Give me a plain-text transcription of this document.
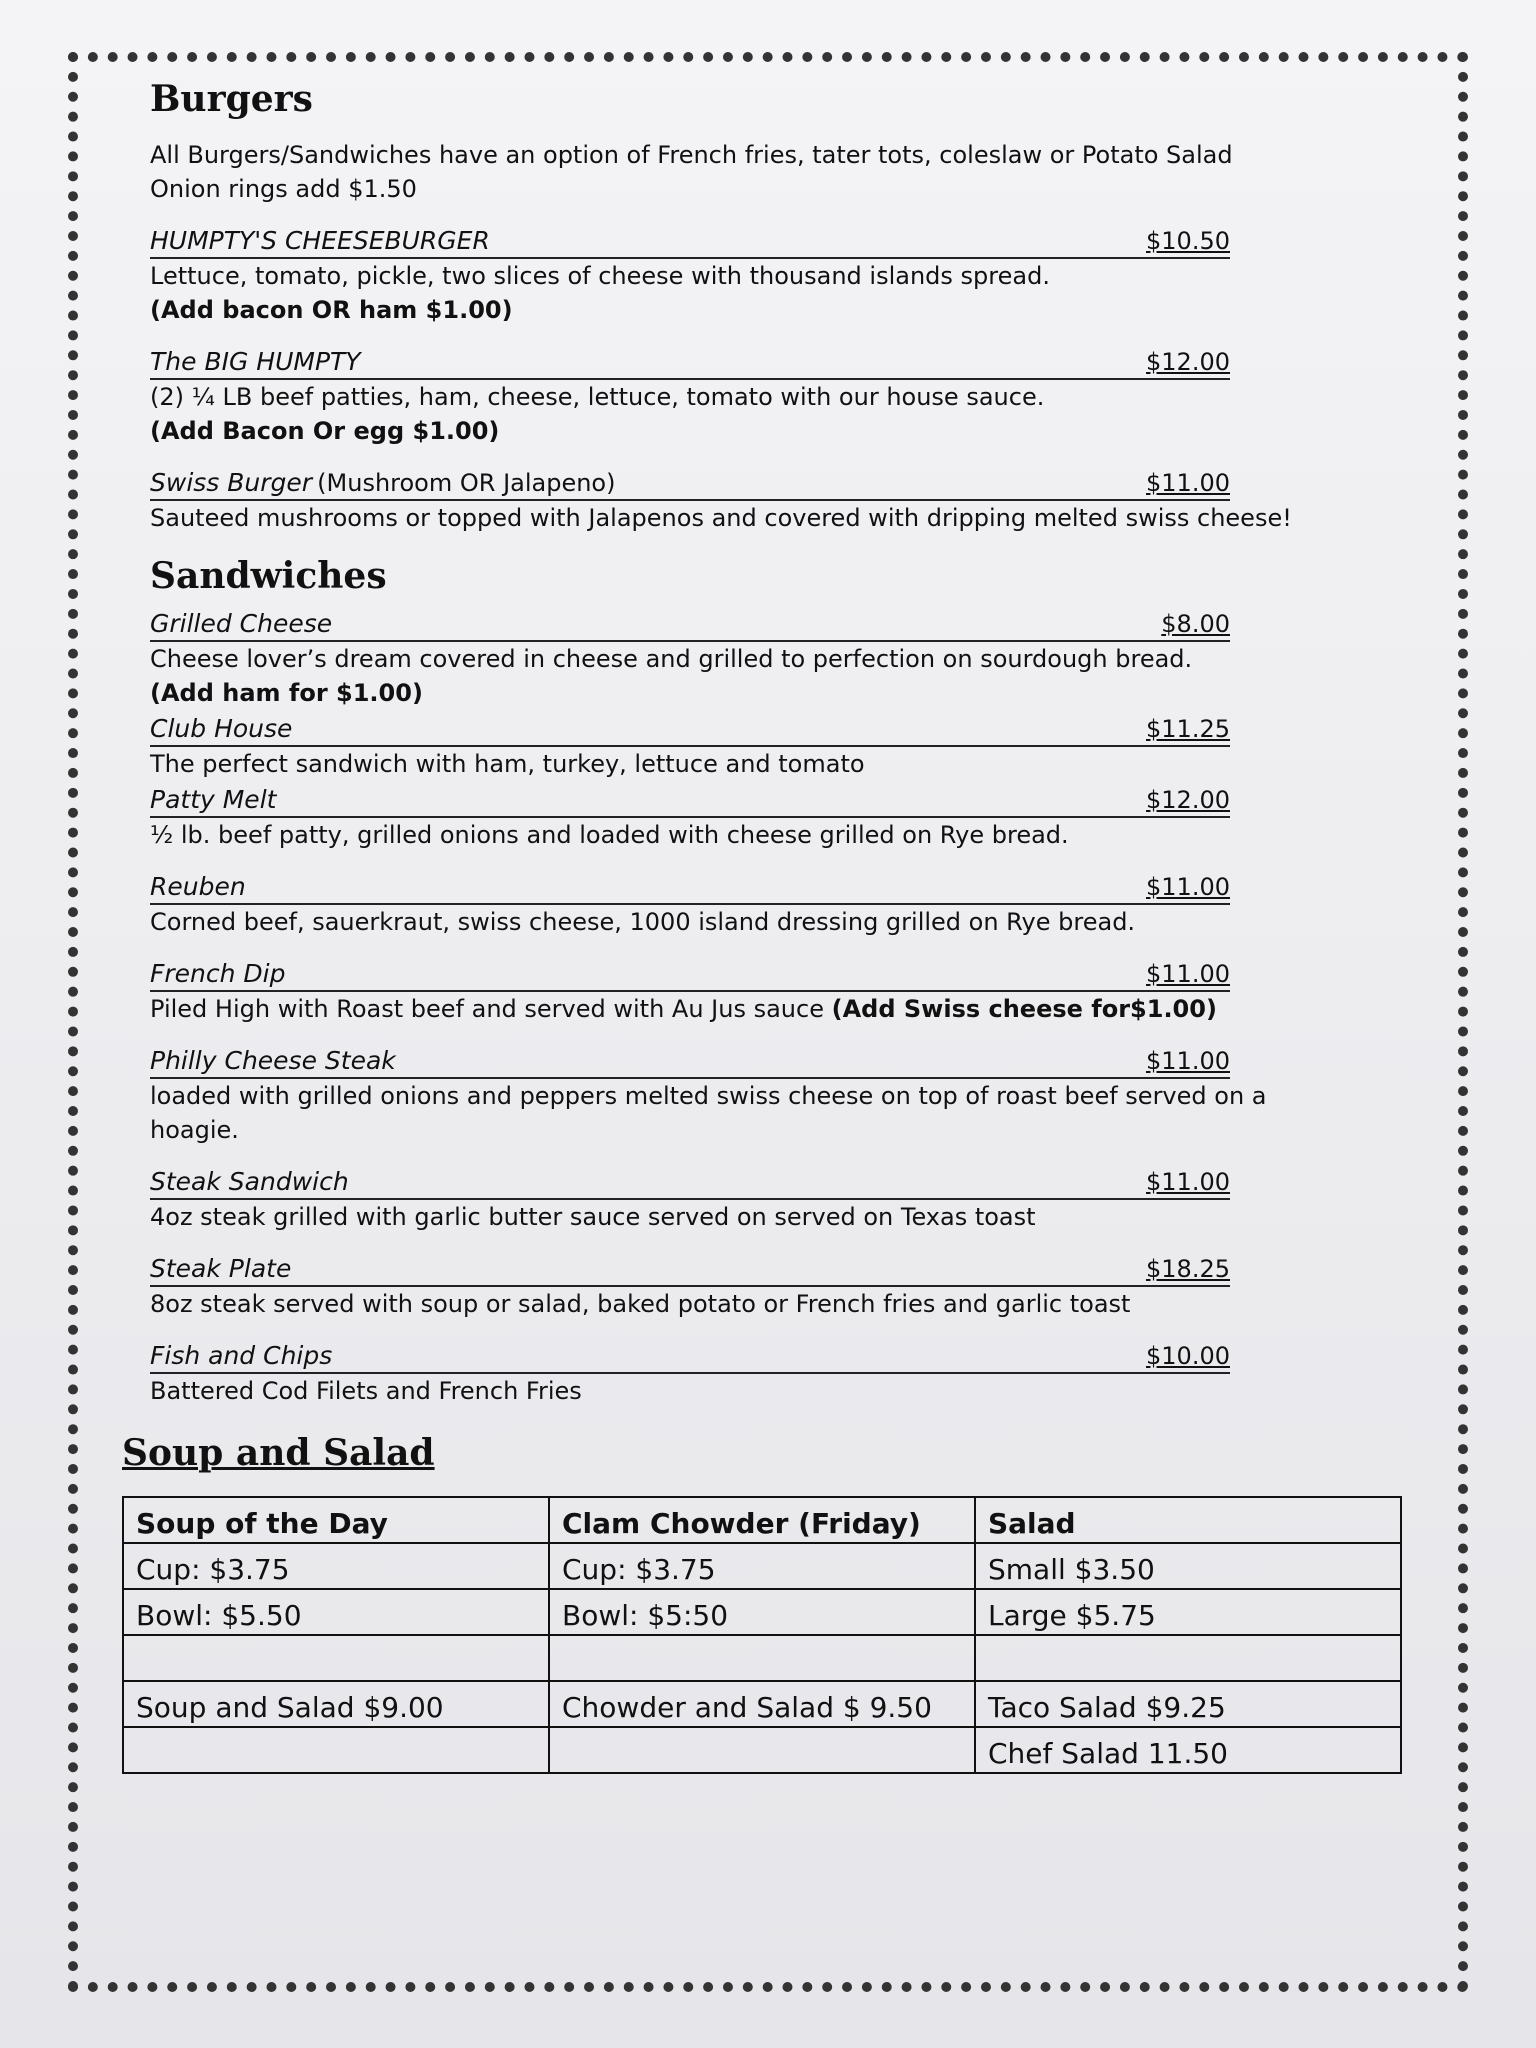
Burgers
All Burgers/Sandwiches have an option of French fries, tater tots, coleslaw or Potato Salad
Onion rings add $1.50
HUMPTY'S CHEESEBURGER	$10.50
Lettuce, tomato, pickle, two slices of cheese with thousand islands spread.
(Add bacon OR ham $1.00)
The BIG HUMPTY	$12.00
(2) ¼ LB beef patties, ham, cheese, lettuce, tomato with our house sauce.
(Add Bacon Or egg $1.00)
Swiss Burger (Mushroom OR Jalapeno)	$11.00
Sauteed mushrooms or topped with Jalapenos and covered with dripping melted swiss cheese!
Sandwiches
Grilled Cheese	$8.00
Cheese lover’s dream covered in cheese and grilled to perfection on sourdough bread.
(Add ham for $1.00)
Club House	$11.25
The perfect sandwich with ham, turkey, lettuce and tomato
Patty Melt	$12.00
½ lb. beef patty, grilled onions and loaded with cheese grilled on Rye bread.
Reuben	$11.00
Corned beef, sauerkraut, swiss cheese, 1000 island dressing grilled on Rye bread.
French Dip	$11.00
Piled High with Roast beef and served with Au Jus sauce (Add Swiss cheese for$1.00)
Philly Cheese Steak	$11.00
loaded with grilled onions and peppers melted swiss cheese on top of roast beef served on a hoagie.
Steak Sandwich	$11.00
4oz steak grilled with garlic butter sauce served on served on Texas toast
Steak Plate	$18.25
8oz steak served with soup or salad, baked potato or French fries and garlic toast
Fish and Chips	$10.00
Battered Cod Filets and French Fries
Soup and Salad
Soup of the Day	Clam Chowder (Friday)	Salad
Cup: $3.75	Cup: $3.75	Small $3.50
Bowl: $5.50	Bowl: $5:50	Large $5.75

Soup and Salad $9.00	Chowder and Salad $ 9.50	Taco Salad $9.25
		Chef Salad 11.50
